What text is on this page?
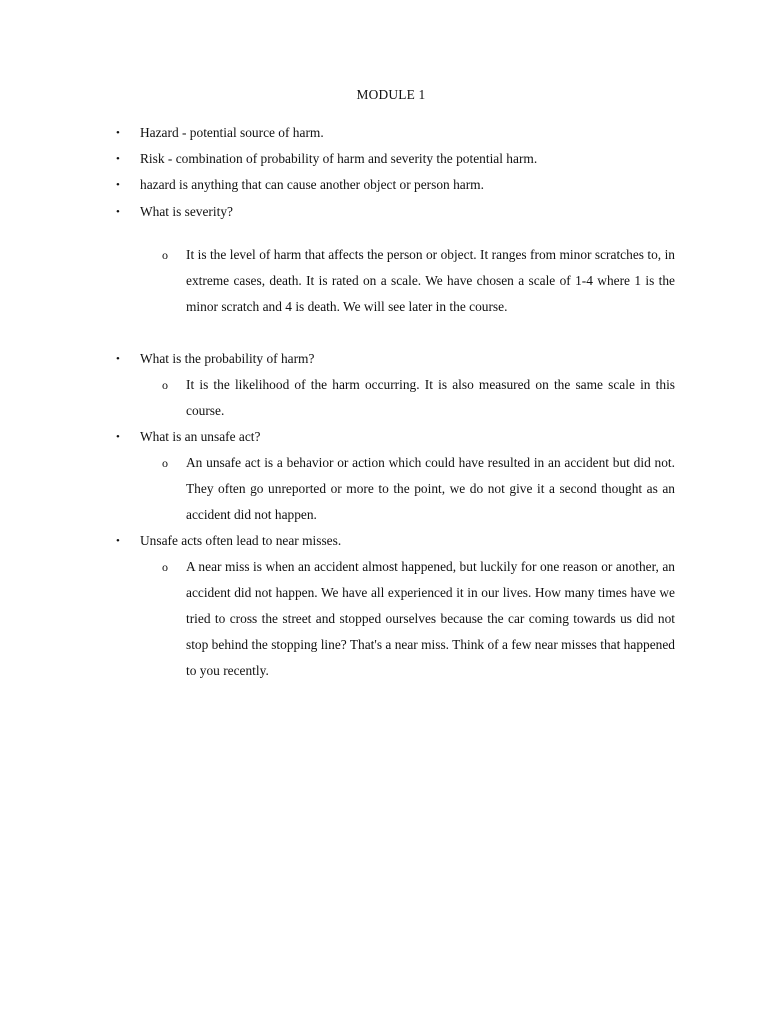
MODULE 1
• Hazard - potential source of harm.
• Risk - combination of probability of harm and severity the potential harm.
• hazard is anything that can cause another object or person harm.
• What is severity?
o It is the level of harm that affects the person or object. It ranges from minor scratches to, in extreme cases, death. It is rated on a scale. We have chosen a scale of 1-4 where 1 is the minor scratch and 4 is death. We will see later in the course.
• What is the probability of harm?
o It is the likelihood of the harm occurring. It is also measured on the same scale in this course.
• What is an unsafe act?
o An unsafe act is a behavior or action which could have resulted in an accident but did not. They often go unreported or more to the point, we do not give it a second thought as an accident did not happen.
• Unsafe acts often lead to near misses.
o A near miss is when an accident almost happened, but luckily for one reason or another, an accident did not happen. We have all experienced it in our lives. How many times have we tried to cross the street and stopped ourselves because the car coming towards us did not stop behind the stopping line? That's a near miss. Think of a few near misses that happened to you recently.
